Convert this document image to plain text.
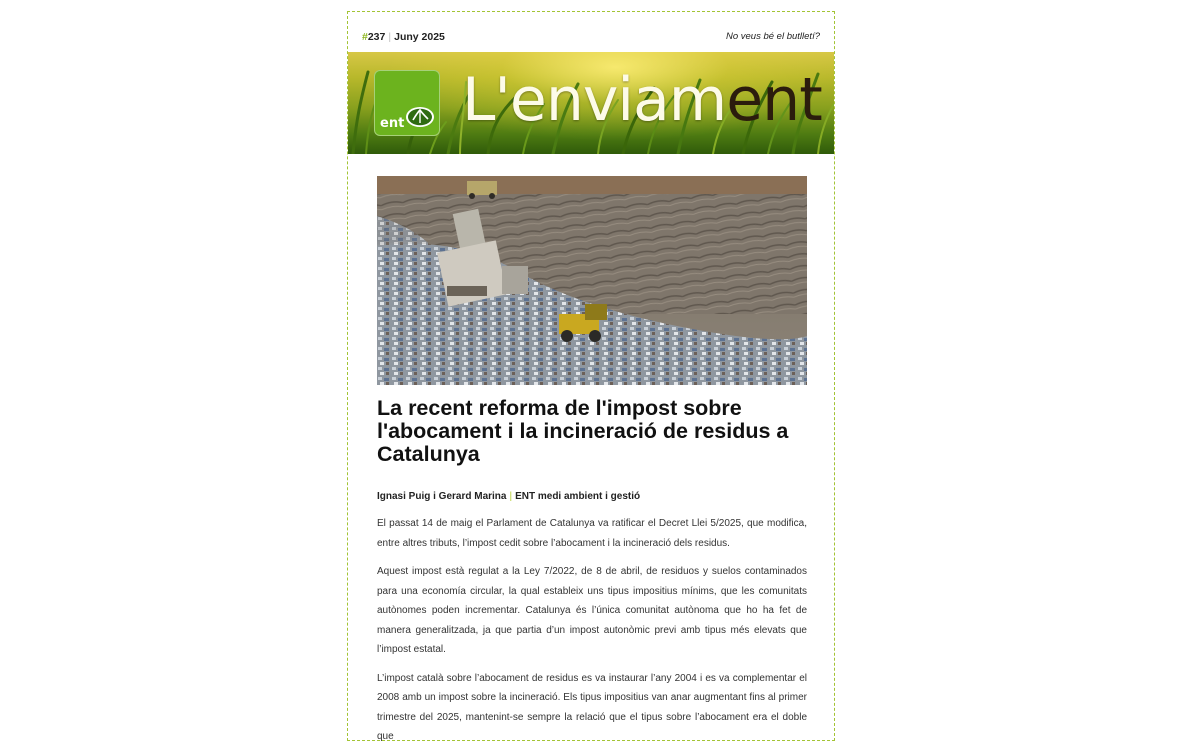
#237 | Juny 2025	No veus bé el butlletí?
ent L'enviament
La recent reforma de l'impost sobre l'abocament i la incineració de residus a Catalunya
Ignasi Puig i Gerard Marina | ENT medi ambient i gestió

El passat 14 de maig el Parlament de Catalunya va ratificar el Decret Llei 5/2025, que modifica, entre altres tributs, l’impost cedit sobre l’abocament i la incineració dels residus.

Aquest impost està regulat a la Ley 7/2022, de 8 de abril, de residuos y suelos contaminados para una economía circular, la qual estableix uns tipus impositius mínims, que les comunitats autònomes poden incrementar. Catalunya és l’única comunitat autònoma que ho ha fet de manera generalitzada, ja que partia d’un impost autonòmic previ amb tipus més elevats que l’impost estatal.

L’impost català sobre l’abocament de residus es va instaurar l’any 2004 i es va complementar el 2008 amb un impost sobre la incineració. Els tipus impositius van anar augmentant fins al primer trimestre del 2025, mantenint-se sempre la relació que el tipus sobre l’abocament era el doble que
